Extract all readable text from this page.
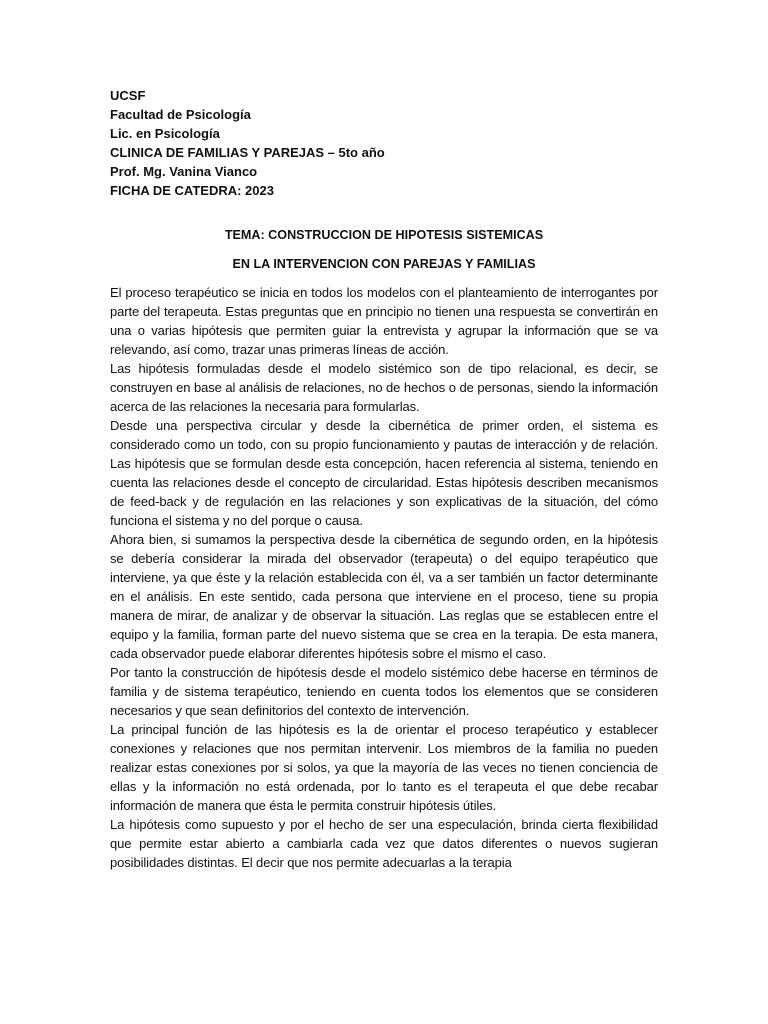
UCSF

Facultad de Psicología

Lic. en Psicología

CLINICA DE FAMILIAS Y PAREJAS – 5to año

Prof. Mg. Vanina Vianco

FICHA DE CATEDRA: 2023

TEMA: CONSTRUCCION DE HIPOTESIS SISTEMICAS

EN LA INTERVENCION CON PAREJAS Y FAMILIAS

El proceso terapéutico se inicia en todos los modelos con el planteamiento de interrogantes por parte del terapeuta. Estas preguntas que en principio no tienen una respuesta se convertirán en una o varias hipótesis que permiten guiar la entrevista y agrupar la información que se va relevando, así como, trazar unas primeras líneas de acción.

Las hipótesis formuladas desde el modelo sistémico son de tipo relacional, es decir, se construyen en base al análisis de relaciones, no de hechos o de personas, siendo la información acerca de las relaciones la necesaria para formularlas.

Desde una perspectiva circular y desde la cibernética de primer orden, el sistema es considerado como un todo, con su propio funcionamiento y pautas de interacción y de relación. Las hipótesis que se formulan desde esta concepción, hacen referencia al sistema, teniendo en cuenta las relaciones desde el concepto de circularidad. Estas hipótesis describen mecanismos de feed-back y de regulación en las relaciones y son explicativas de la situación, del cómo funciona el sistema y no del porque o causa.

Ahora bien, si sumamos la perspectiva desde la cibernética de segundo orden, en la hipótesis se debería considerar la mirada del observador (terapeuta) o del equipo terapéutico que interviene, ya que éste y la relación establecida con él, va a ser también un factor determinante en el análisis. En este sentido, cada persona que interviene en el proceso, tiene su propia manera de mirar, de analizar y de observar la situación. Las reglas que se establecen entre el equipo y la familia, forman parte del nuevo sistema que se crea en la terapia. De esta manera, cada observador puede elaborar diferentes hipótesis sobre el mismo el caso.

Por tanto la construcción de hipótesis desde el modelo sistémico debe hacerse en términos de familia y de sistema terapéutico, teniendo en cuenta todos los elementos que se consideren necesarios y que sean definitorios del contexto de intervención.

La principal función de las hipótesis es la de orientar el proceso terapéutico y establecer conexiones y relaciones que nos permitan intervenir. Los miembros de la familia no pueden realizar estas conexiones por si solos, ya que la mayoría de las veces no tienen conciencia de ellas y la información no está ordenada, por lo tanto es el terapeuta el que debe recabar información de manera que ésta le permita construir hipótesis útiles.

La hipótesis como supuesto y por el hecho de ser una especulación, brinda cierta flexibilidad que permite estar abierto a cambiarla cada vez que datos diferentes o nuevos sugieran posibilidades distintas. El decir que nos permite adecuarlas a la terapia
